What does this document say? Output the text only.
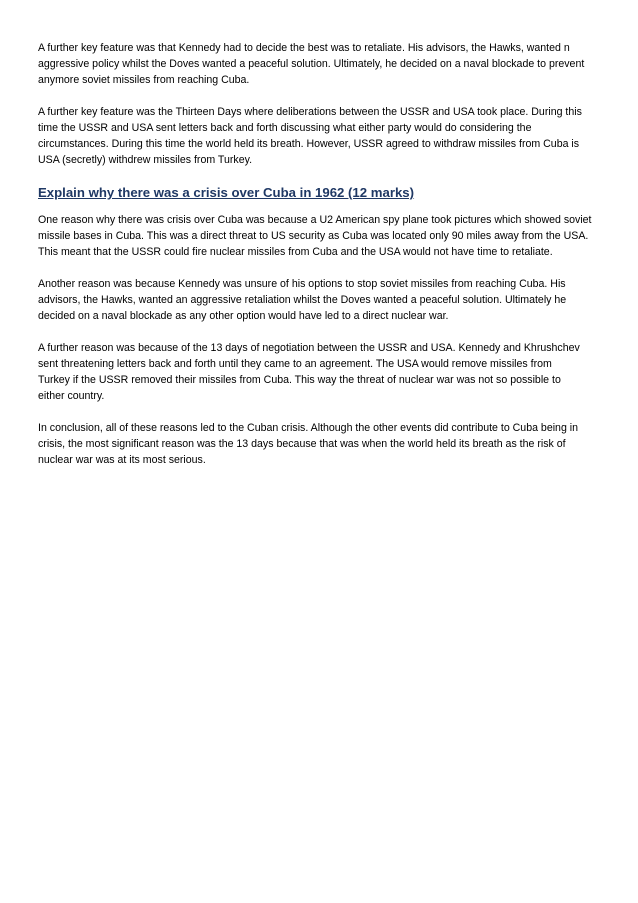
A further key feature was that Kennedy had to decide the best was to retaliate. His advisors, the Hawks, wanted n
aggressive policy whilst the Doves wanted a peaceful solution. Ultimately, he decided on a naval blockade to prevent
anymore soviet missiles from reaching Cuba.

A further key feature was the Thirteen Days where deliberations between the USSR and USA took place. During this
time the USSR and USA sent letters back and forth discussing what either party would do considering the
circumstances. During this time the world held its breath. However, USSR agreed to withdraw missiles from Cuba is
USA (secretly) withdrew missiles from Turkey.

Explain why there was a crisis over Cuba in 1962 (12 marks)

One reason why there was crisis over Cuba was because a U2 American spy plane took pictures which showed soviet
missile bases in Cuba. This was a direct threat to US security as Cuba was located only 90 miles away from the USA.
This meant that the USSR could fire nuclear missiles from Cuba and the USA would not have time to retaliate.

Another reason was because Kennedy was unsure of his options to stop soviet missiles from reaching Cuba. His
advisors, the Hawks, wanted an aggressive retaliation whilst the Doves wanted a peaceful solution. Ultimately he
decided on a naval blockade as any other option would have led to a direct nuclear war.

A further reason was because of the 13 days of negotiation between the USSR and USA. Kennedy and Khrushchev
sent threatening letters back and forth until they came to an agreement. The USA would remove missiles from
Turkey if the USSR removed their missiles from Cuba. This way the threat of nuclear war was not so possible to
either country.

In conclusion, all of these reasons led to the Cuban crisis. Although the other events did contribute to Cuba being in
crisis, the most significant reason was the 13 days because that was when the world held its breath as the risk of
nuclear war was at its most serious.
